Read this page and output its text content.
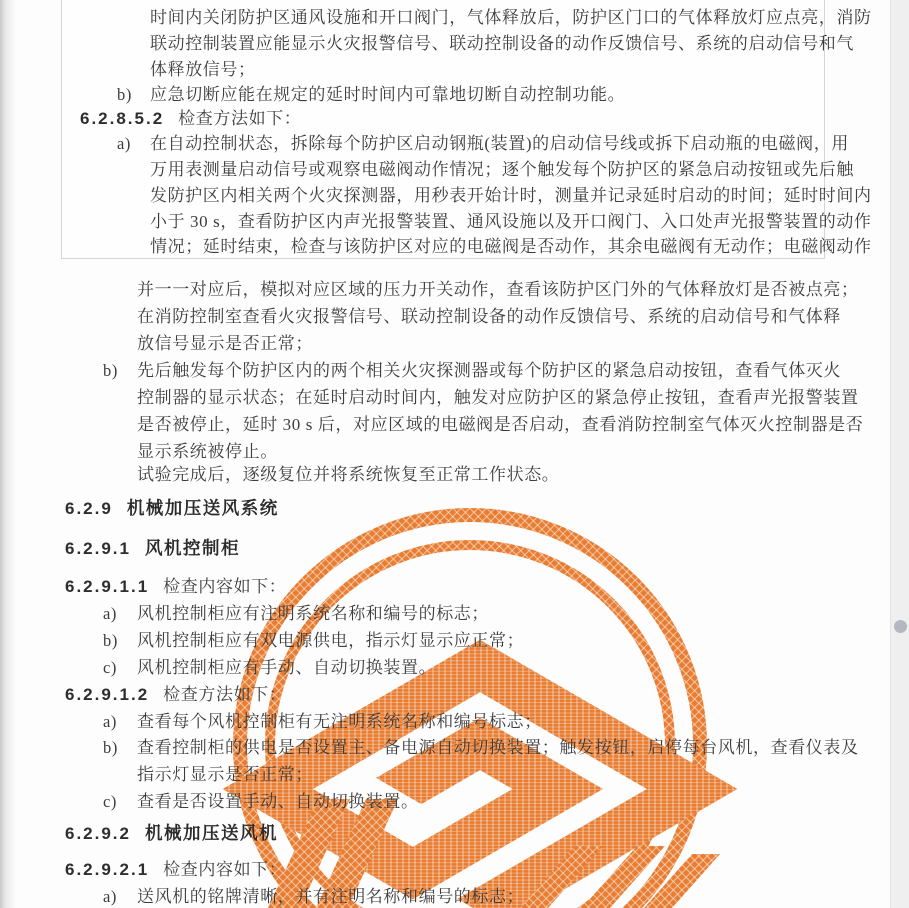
时间内关闭防护区通风设施和开口阀门，气体释放后，防护区门口的气体释放灯应点亮，消防
联动控制装置应能显示火灾报警信号、联动控制设备的动作反馈信号、系统的启动信号和气
体释放信号；
b) 应急切断应能在规定的延时时间内可靠地切断自动控制功能。
6.2.8.5.2 检查方法如下：
a) 在自动控制状态，拆除每个防护区启动钢瓶(装置)的启动信号线或拆下启动瓶的电磁阀，用
万用表测量启动信号或观察电磁阀动作情况；逐个触发每个防护区的紧急启动按钮或先后触
发防护区内相关两个火灾探测器，用秒表开始计时，测量并记录延时启动的时间；延时时间内
小于 30 s，查看防护区内声光报警装置、通风设施以及开口阀门、入口处声光报警装置的动作
情况；延时结束，检查与该防护区对应的电磁阀是否动作，其余电磁阀有无动作；电磁阀动作
并一一对应后，模拟对应区域的压力开关动作，查看该防护区门外的气体释放灯是否被点亮；
在消防控制室查看火灾报警信号、联动控制设备的动作反馈信号、系统的启动信号和气体释
放信号显示是否正常；
b) 先后触发每个防护区内的两个相关火灾探测器或每个防护区的紧急启动按钮，查看气体灭火
控制器的显示状态；在延时启动时间内，触发对应防护区的紧急停止按钮，查看声光报警装置
是否被停止，延时 30 s 后，对应区域的电磁阀是否启动，查看消防控制室气体灭火控制器是否
显示系统被停止。
试验完成后，逐级复位并将系统恢复至正常工作状态。
6.2.9 机械加压送风系统
6.2.9.1 风机控制柜
6.2.9.1.1 检查内容如下：
a) 风机控制柜应有注明系统名称和编号的标志；
b) 风机控制柜应有双电源供电，指示灯显示应正常；
c) 风机控制柜应有手动、自动切换装置。
6.2.9.1.2 检查方法如下：
a) 查看每个风机控制柜有无注明系统名称和编号标志；
b) 查看控制柜的供电是否设置主、备电源自动切换装置；触发按钮，启停每台风机，查看仪表及
指示灯显示是否正常；
c) 查看是否设置手动、自动切换装置。
6.2.9.2 机械加压送风机
6.2.9.2.1 检查内容如下：
a) 送风机的铭牌清晰，并有注明名称和编号的标志；
